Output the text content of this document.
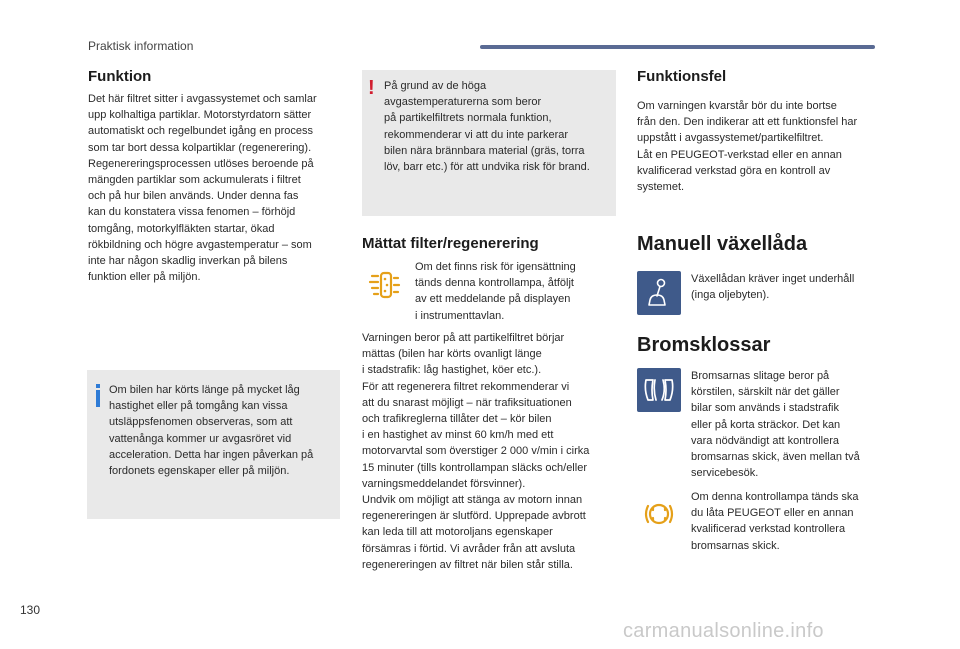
Praktisk information
Funktion

Det här filtret sitter i avgassystemet och samlar
upp kolhaltiga partiklar. Motorstyrdatorn sätter
automatiskt och regelbundet igång en process
som tar bort dessa kolpartiklar (regenerering).
Regenereringsprocessen utlöses beroende på
mängden partiklar som ackumulerats i filtret
och på hur bilen används. Under denna fas
kan du konstatera vissa fenomen – förhöjd
tomgång, motorkylfläkten startar, ökad
rökbildning och högre avgastemperatur – som
inte har någon skadlig inverkan på bilens
funktion eller på miljön.

Om bilen har körts länge på mycket låg
hastighet eller på tomgång kan vissa
utsläppsfenomen observeras, som att
vattenånga kommer ur avgasröret vid
acceleration. Detta har ingen påverkan på
fordonets egenskaper eller på miljön.

! På grund av de höga
avgastemperaturerna som beror
på partikelfiltrets normala funktion,
rekommenderar vi att du inte parkerar
bilen nära brännbara material (gräs, torra
löv, barr etc.) för att undvika risk för brand.

Mättat filter/regenerering

Om det finns risk för igensättning
tänds denna kontrollampa, åtföljt
av ett meddelande på displayen
i instrumenttavlan.

Varningen beror på att partikelfiltret börjar
mättas (bilen har körts ovanligt länge
i stadstrafik: låg hastighet, köer etc.).
För att regenerera filtret rekommenderar vi
att du snarast möjligt – när trafiksituationen
och trafikreglerna tillåter det – kör bilen
i en hastighet av minst 60 km/h med ett
motorvarvtal som överstiger 2 000 v/min i cirka
15 minuter (tills kontrollampan släcks och/eller
varningsmeddelandet försvinner).
Undvik om möjligt att stänga av motorn innan
regenereringen är slutförd. Upprepade avbrott
kan leda till att motoroljans egenskaper
försämras i förtid. Vi avråder från att avsluta
regenereringen av filtret när bilen står stilla.

Funktionsfel

Om varningen kvarstår bör du inte bortse
från den. Den indikerar att ett funktionsfel har
uppstått i avgassystemet/partikelfiltret.
Låt en PEUGEOT-verkstad eller en annan
kvalificerad verkstad göra en kontroll av
systemet.

Manuell växellåda

Växellådan kräver inget underhåll
(inga oljebyten).

Bromsklossar

Bromsarnas slitage beror på
körstilen, särskilt när det gäller
bilar som används i stadstrafik
eller på korta sträckor. Det kan
vara nödvändigt att kontrollera
bromsarnas skick, även mellan två
servicebesök.

Om denna kontrollampa tänds ska
du låta PEUGEOT eller en annan
kvalificerad verkstad kontrollera
bromsarnas skick.

130
carmanualsonline.info
